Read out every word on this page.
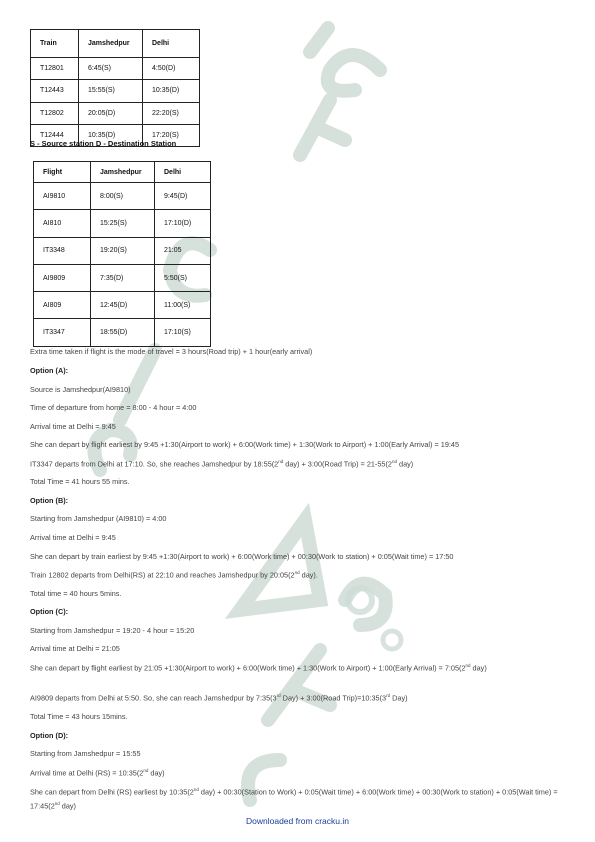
Train	Jamshedpur	Delhi
T12801	6:45(S)	4:50(D)
T12443	15:55(S)	10:35(D)
T12802	20:05(D)	22:20(S)
T12444	10:35(D)	17:20(S)
S - Source station D - Destination Station
Flight	Jamshedpur	Delhi
AI9810	8:00(S)	9:45(D)
AI810	15:25(S)	17:10(D)
IT3348	19:20(S)	21:05
AI9809	7:35(D)	5:50(S)
AI809	12:45(D)	11:00(S)
IT3347	18:55(D)	17:10(S)
Extra time taken if flight is the mode of travel = 3 hours(Road trip) + 1 hour(early arrival)
Option (A):
Source is Jamshedpur(AI9810)
Time of departure from home = 8:00 - 4 hour = 4:00
Arrival time at Delhi = 9:45
She can depart by flight earliest by 9:45 +1:30(Airport to work) + 6:00(Work time) + 1:30(Work to Airport) + 1:00(Early Arrival) = 19:45
IT3347 departs from Delhi at 17:10. So, she reaches Jamshedpur by 18:55(2nd day) + 3:00(Road Trip) = 21-55(2nd day)
Total Time = 41 hours 55 mins.
Option (B):
Starting from Jamshedpur (AI9810) = 4:00
Arrival time at Delhi = 9:45
She can depart by train earliest by 9:45 +1:30(Airport to work) + 6:00(Work time) + 00:30(Work to station) + 0:05(Wait time) = 17:50
Train 12802 departs from Delhi(RS) at 22:10 and reaches Jamshedpur by 20:05(2nd day).
Total time = 40 hours 5mins.
Option (C):
Starting from Jamshedpur = 19:20 - 4 hour = 15:20
Arrival time at Delhi = 21:05
She can depart by flight earliest by 21:05 +1:30(Airport to work) + 6:00(Work time) + 1:30(Work to Airport) + 1:00(Early Arrival) = 7:05(2nd day)
AI9809 departs from Delhi at 5:50. So, she can reach Jamshedpur by 7:35(3rd Day) + 3:00(Road Trip)=10:35(3rd Day)
Total Time = 43 hours 15mins.
Option (D):
Starting from Jamshedpur = 15:55
Arrival time at Delhi (RS) = 10:35(2nd day)
She can depart from Delhi (RS) earliest by 10:35(2nd day) + 00:30(Station to Work) + 0:05(Wait time) + 6:00(Work time) + 00:30(Work to station) + 0:05(Wait time) = 17:45(2nd day)
Downloaded from cracku.in
